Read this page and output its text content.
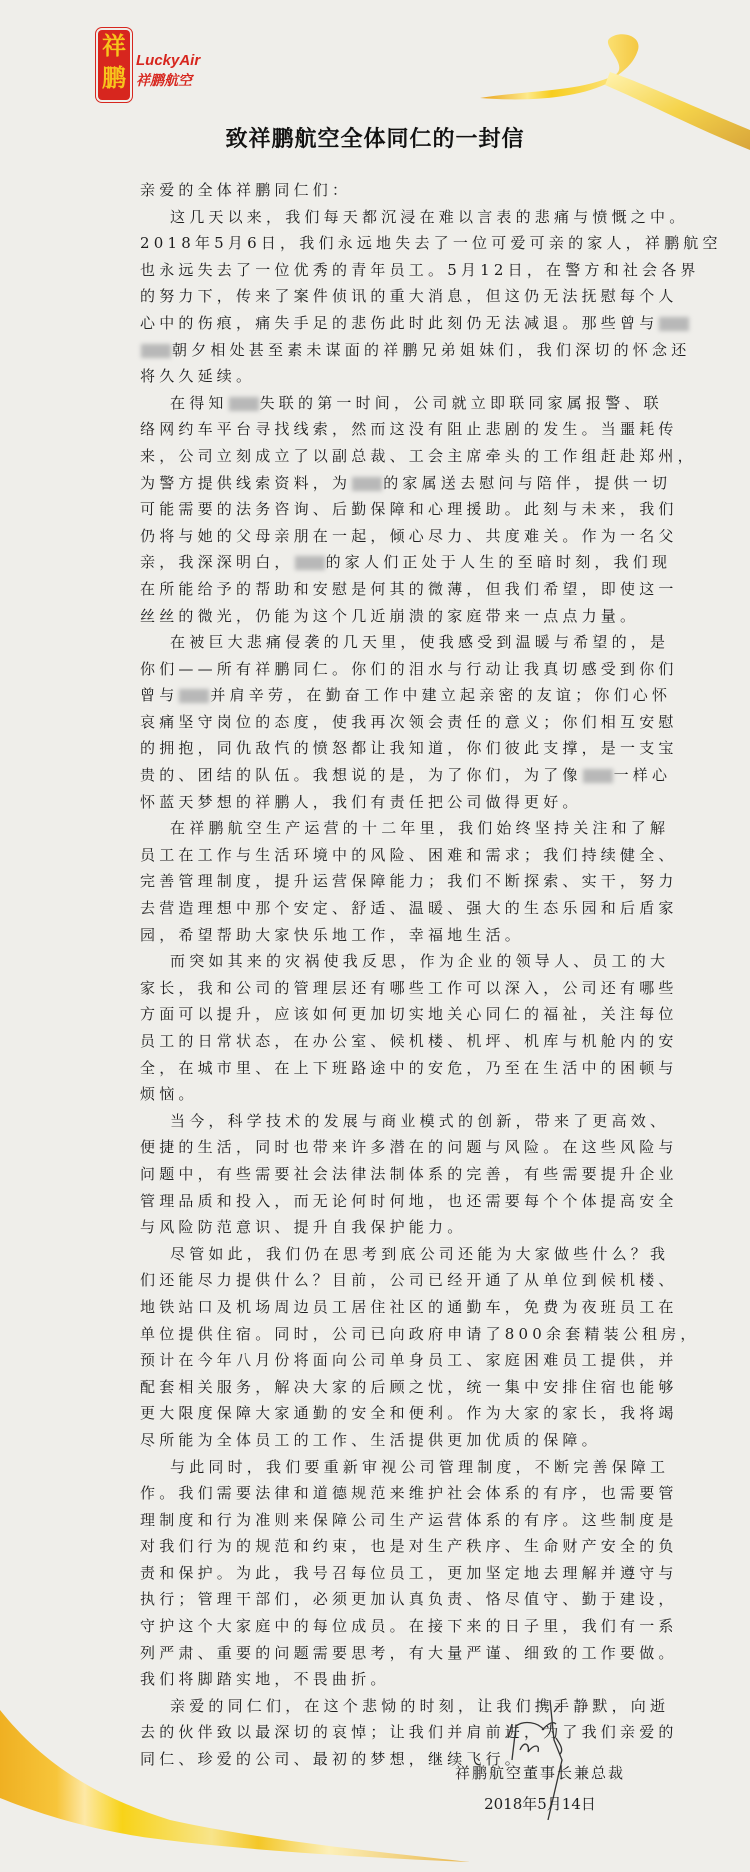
祥
鹏
LuckyAir
祥鹏航空
致祥鹏航空全体同仁的一封信
亲爱的全体祥鹏同仁们：
这几天以来，我们每天都沉浸在难以言表的悲痛与愤慨之中。
2018年5月6日，我们永远地失去了一位可爱可亲的家人，祥鹏航空
也永远失去了一位优秀的青年员工。5月12日，在警方和社会各界
的努力下，传来了案件侦讯的重大消息，但这仍无法抚慰每个人
心中的伤痕，痛失手足的悲伤此时此刻仍无法减退。那些曾与
朝夕相处甚至素未谋面的祥鹏兄弟姐妹们，我们深切的怀念还
将久久延续。
在得知 失联的第一时间，公司就立即联同家属报警、联
络网约车平台寻找线索，然而这没有阻止悲剧的发生。当噩耗传
来，公司立刻成立了以副总裁、工会主席牵头的工作组赶赴郑州，
为警方提供线索资料，为 的家属送去慰问与陪伴，提供一切
可能需要的法务咨询、后勤保障和心理援助。此刻与未来，我们
仍将与她的父母亲朋在一起，倾心尽力、共度难关。作为一名父
亲，我深深明白， 的家人们正处于人生的至暗时刻，我们现
在所能给予的帮助和安慰是何其的微薄，但我们希望，即使这一
丝丝的微光，仍能为这个几近崩溃的家庭带来一点点力量。
在被巨大悲痛侵袭的几天里，使我感受到温暖与希望的，是
你们——所有祥鹏同仁。你们的泪水与行动让我真切感受到你们
曾与 并肩辛劳，在勤奋工作中建立起亲密的友谊；你们心怀
哀痛坚守岗位的态度，使我再次领会责任的意义；你们相互安慰
的拥抱，同仇敌忾的愤怒都让我知道，你们彼此支撑，是一支宝
贵的、团结的队伍。我想说的是，为了你们，为了像 一样心
怀蓝天梦想的祥鹏人，我们有责任把公司做得更好。
在祥鹏航空生产运营的十二年里，我们始终坚持关注和了解
员工在工作与生活环境中的风险、困难和需求；我们持续健全、
完善管理制度，提升运营保障能力；我们不断探索、实干，努力
去营造理想中那个安定、舒适、温暖、强大的生态乐园和后盾家
园，希望帮助大家快乐地工作，幸福地生活。
而突如其来的灾祸使我反思，作为企业的领导人、员工的大
家长，我和公司的管理层还有哪些工作可以深入，公司还有哪些
方面可以提升，应该如何更加切实地关心同仁的福祉，关注每位
员工的日常状态，在办公室、候机楼、机坪、机库与机舱内的安
全，在城市里、在上下班路途中的安危，乃至在生活中的困顿与
烦恼。
当今，科学技术的发展与商业模式的创新，带来了更高效、
便捷的生活，同时也带来许多潜在的问题与风险。在这些风险与
问题中，有些需要社会法律法制体系的完善，有些需要提升企业
管理品质和投入，而无论何时何地，也还需要每个个体提高安全
与风险防范意识、提升自我保护能力。
尽管如此，我们仍在思考到底公司还能为大家做些什么？我
们还能尽力提供什么？目前，公司已经开通了从单位到候机楼、
地铁站口及机场周边员工居住社区的通勤车，免费为夜班员工在
单位提供住宿。同时，公司已向政府申请了800余套精装公租房，
预计在今年八月份将面向公司单身员工、家庭困难员工提供，并
配套相关服务，解决大家的后顾之忧，统一集中安排住宿也能够
更大限度保障大家通勤的安全和便利。作为大家的家长，我将竭
尽所能为全体员工的工作、生活提供更加优质的保障。
与此同时，我们要重新审视公司管理制度，不断完善保障工
作。我们需要法律和道德规范来维护社会体系的有序，也需要管
理制度和行为准则来保障公司生产运营体系的有序。这些制度是
对我们行为的规范和约束，也是对生产秩序、生命财产安全的负
责和保护。为此，我号召每位员工，更加坚定地去理解并遵守与
执行；管理干部们，必须更加认真负责、恪尽值守、勤于建设，
守护这个大家庭中的每位成员。在接下来的日子里，我们有一系
列严肃、重要的问题需要思考，有大量严谨、细致的工作要做。
我们将脚踏实地，不畏曲折。
亲爱的同仁们，在这个悲恸的时刻，让我们携手静默，向逝
去的伙伴致以最深切的哀悼；让我们并肩前进，为了我们亲爱的
同仁、珍爱的公司、最初的梦想，继续飞行。
祥鹏航空董事长兼总裁
2018年5月14日
